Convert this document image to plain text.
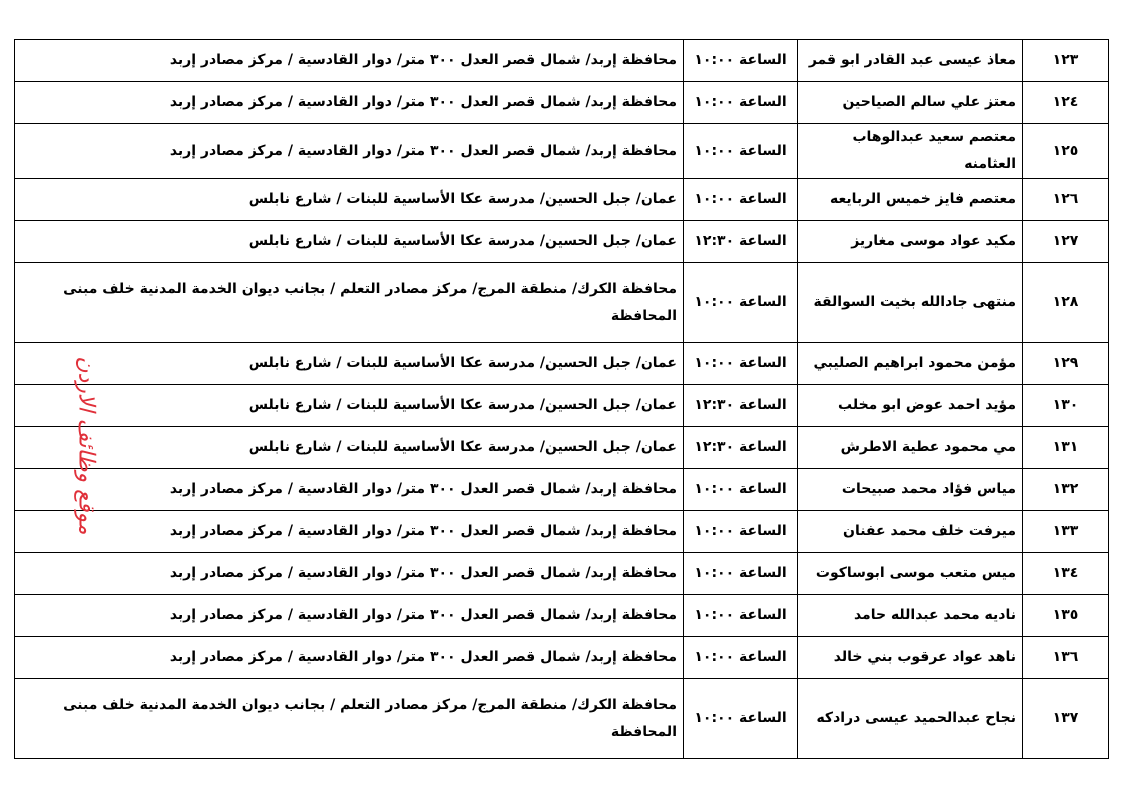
١٢٣	معاذ عيسى عبد القادر ابو قمر	الساعة ١٠:٠٠	محافظة إربد/ شمال قصر العدل ٣٠٠ متر/ دوار القادسية / مركز مصادر إربد
١٢٤	معتز علي سالم الصياحين	الساعة ١٠:٠٠	محافظة إربد/ شمال قصر العدل ٣٠٠ متر/ دوار القادسية / مركز مصادر إربد
١٢٥	معتصم سعيد عبدالوهاب العثامنه	الساعة ١٠:٠٠	محافظة إربد/ شمال قصر العدل ٣٠٠ متر/ دوار القادسية / مركز مصادر إربد
١٢٦	معتصم فايز خميس الربايعه	الساعة ١٠:٠٠	عمان/ جبل الحسين/ مدرسة عكا الأساسية للبنات / شارع نابلس
١٢٧	مكيد عواد موسى مغاريز	الساعة ١٢:٣٠	عمان/ جبل الحسين/ مدرسة عكا الأساسية للبنات / شارع نابلس
١٢٨	منتهى جادالله بخيت السوالقة	الساعة ١٠:٠٠	محافظة الكرك/ منطقة المرج/ مركز مصادر التعلم / بجانب ديوان الخدمة المدنية خلف مبنى المحافظة
١٢٩	مؤمن محمود ابراهيم الصليبي	الساعة ١٠:٠٠	عمان/ جبل الحسين/ مدرسة عكا الأساسية للبنات / شارع نابلس
١٣٠	مؤيد احمد عوض ابو مخلب	الساعة ١٢:٣٠	عمان/ جبل الحسين/ مدرسة عكا الأساسية للبنات / شارع نابلس
١٣١	مي محمود عطية الاطرش	الساعة ١٢:٣٠	عمان/ جبل الحسين/ مدرسة عكا الأساسية للبنات / شارع نابلس
١٣٢	مياس فؤاد محمد صبيحات	الساعة ١٠:٠٠	محافظة إربد/ شمال قصر العدل ٣٠٠ متر/ دوار القادسية / مركز مصادر إربد
١٣٣	ميرفت خلف محمد عفنان	الساعة ١٠:٠٠	محافظة إربد/ شمال قصر العدل ٣٠٠ متر/ دوار القادسية / مركز مصادر إربد
١٣٤	ميس متعب موسى ابوساكوت	الساعة ١٠:٠٠	محافظة إربد/ شمال قصر العدل ٣٠٠ متر/ دوار القادسية / مركز مصادر إربد
١٣٥	ناديه محمد عبدالله حامد	الساعة ١٠:٠٠	محافظة إربد/ شمال قصر العدل ٣٠٠ متر/ دوار القادسية / مركز مصادر إربد
١٣٦	ناهد عواد عرقوب بني خالد	الساعة ١٠:٠٠	محافظة إربد/ شمال قصر العدل ٣٠٠ متر/ دوار القادسية / مركز مصادر إربد
١٣٧	نجاح عبدالحميد عيسى درادكه	الساعة ١٠:٠٠	محافظة الكرك/ منطقة المرج/ مركز مصادر التعلم / بجانب ديوان الخدمة المدنية خلف مبنى المحافظة
موقع وظائف الاردن
